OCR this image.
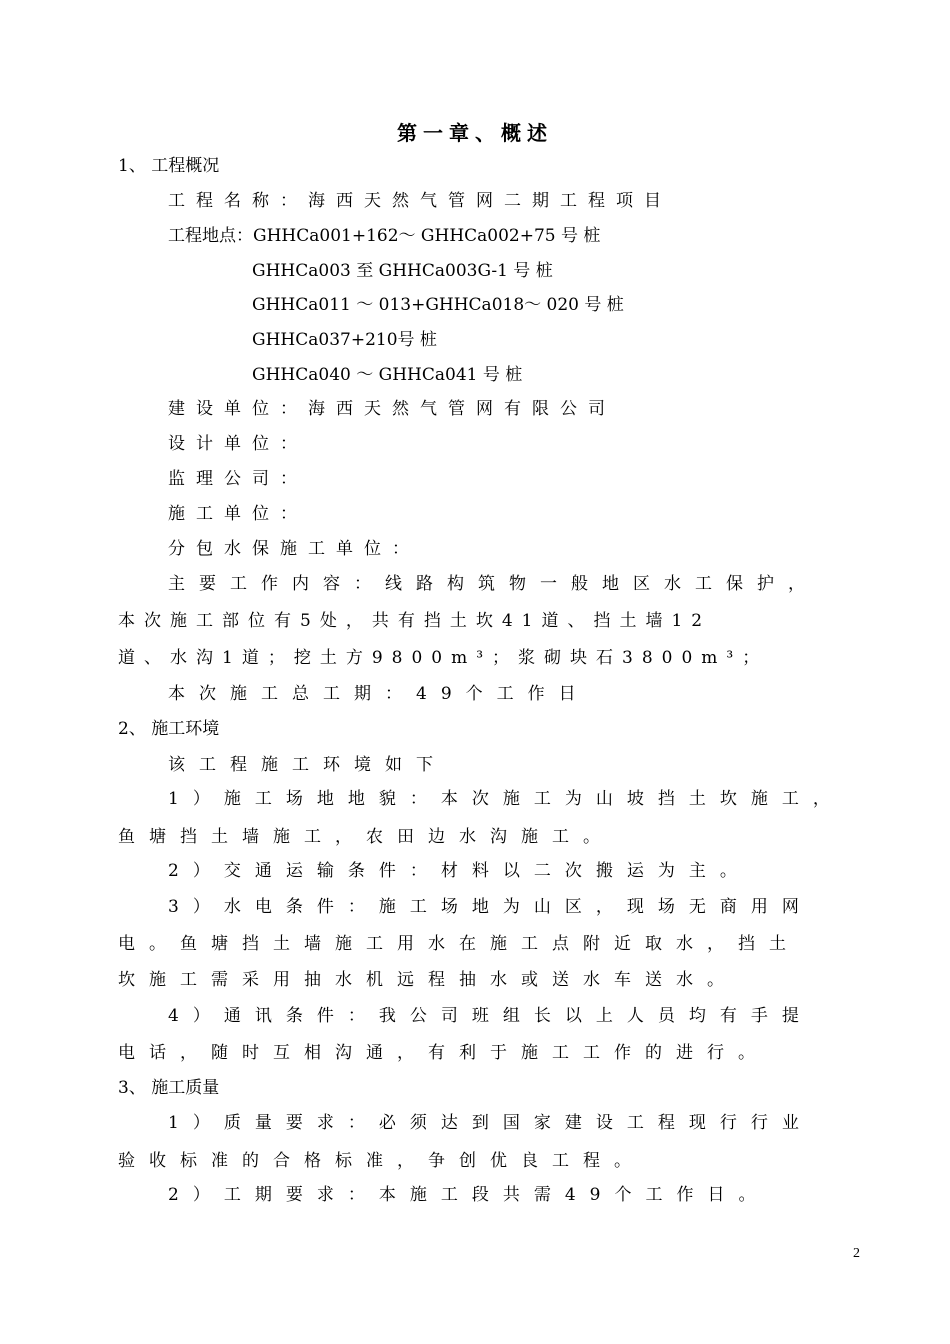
第一章、概述
1、 工程概况
工程名称：海西天然气管网二期工程项目
工程地点：GHHCa001+162～ GHHCa002+75 号 桩
GHHCa003 至 GHHCa003G-1 号 桩
GHHCa011 ～ 013+GHHCa018～ 020 号 桩
GHHCa037+210号 桩
GHHCa040 ～ GHHCa041 号 桩
建设单位：海西天然气管网有限公司
设计单位：
监理公司：
施工单位：
分包水保施工单位：
主要工作内容：线路构筑物一般地区水工保护，
本次施工部位有5处，共有挡土坎41道、挡土墙12
道、水沟1道；挖土方9800m³；浆砌块石3800m³；
本次施工总工期：49个工作日
2、 施工环境
该工程施工环境如下
1）施工场地地貌：本次施工为山坡挡土坎施工，
鱼塘挡土墙施工，农田边水沟施工。
2）交通运输条件：材料以二次搬运为主。
3）水电条件：施工场地为山区，现场无商用网
电。鱼塘挡土墙施工用水在施工点附近取水，挡土
坎施工需采用抽水机远程抽水或送水车送水。
4）通讯条件：我公司班组长以上人员均有手提
电话，随时互相沟通，有利于施工工作的进行。
3、 施工质量
1）质量要求：必须达到国家建设工程现行行业
验收标准的合格标准，争创优良工程。
2）工期要求：本施工段共需49个工作日。
2
